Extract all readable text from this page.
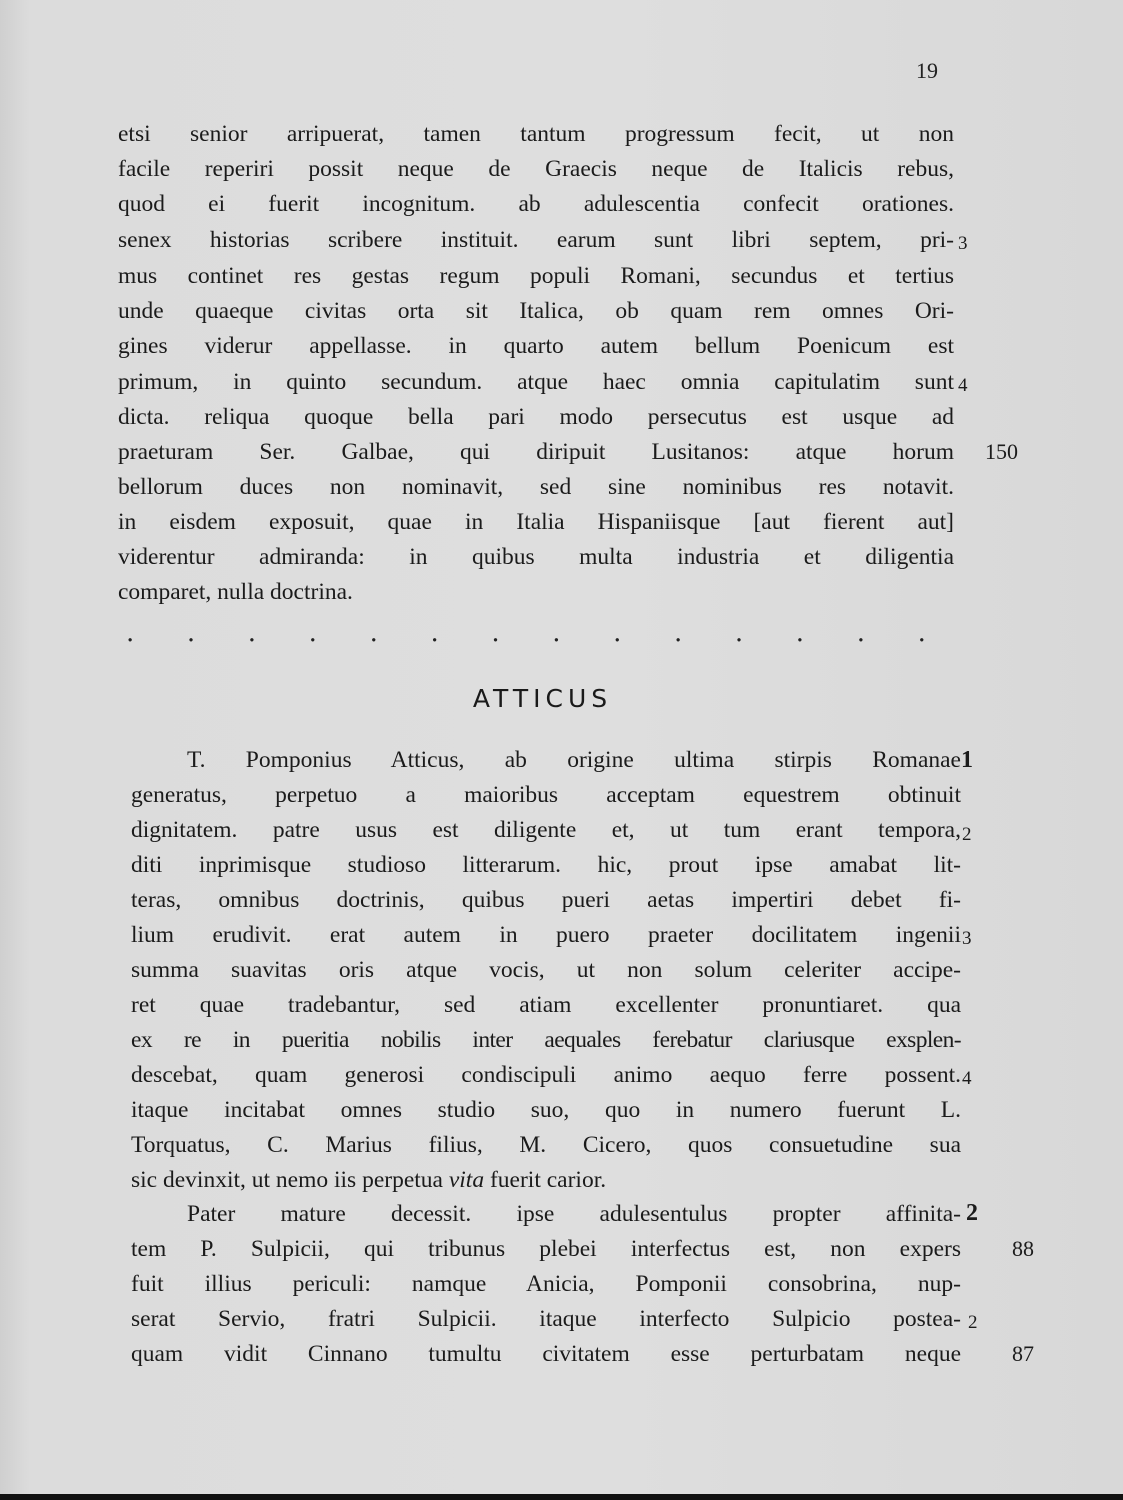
19
etsi senior arripuerat, tamen tantum progressum fecit, ut non
facile reperiri possit neque de Graecis neque de Italicis rebus,
quod ei fuerit incognitum. ab adulescentia confecit orationes.
senex historias scribere instituit. earum sunt libri septem, pri-
mus continet res gestas regum populi Romani, secundus et tertius
unde quaeque civitas orta sit Italica, ob quam rem omnes Ori-
gines viderur appellasse. in quarto autem bellum Poenicum est
primum, in quinto secundum. atque haec omnia capitulatim sunt
dicta. reliqua quoque bella pari modo persecutus est usque ad
praeturam Ser. Galbae, qui diripuit Lusitanos: atque horum
bellorum duces non nominavit, sed sine nominibus res notavit.
in eisdem exposuit, quae in Italia Hispaniisque [aut fierent aut]
viderentur admiranda: in quibus multa industria et diligentia
comparet, nulla doctrina.
3
4
150
. . . . . . . . . . . . . .
ATTICUS
T. Pomponius Atticus, ab origine ultima stirpis Romanae
generatus, perpetuo a maioribus acceptam equestrem obtinuit
dignitatem. patre usus est diligente et, ut tum erant tempora,
diti inprimisque studioso litterarum. hic, prout ipse amabat lit-
teras, omnibus doctrinis, quibus pueri aetas impertiri debet fi-
lium erudivit. erat autem in puero praeter docilitatem ingenii
summa suavitas oris atque vocis, ut non solum celeriter accipe-
ret quae tradebantur, sed atiam excellenter pronuntiaret. qua
ex re in pueritia nobilis inter aequales ferebatur clariusque exsplen-
descebat, quam generosi condiscipuli animo aequo ferre possent.
itaque incitabat omnes studio suo, quo in numero fuerunt L.
Torquatus, C. Marius filius, M. Cicero, quos consuetudine sua
sic devinxit, ut nemo iis perpetua vita fuerit carior.
1
2
3
4
Pater mature decessit. ipse adulesentulus propter affinita-
tem P. Sulpicii, qui tribunus plebei interfectus est, non expers
fuit illius periculi: namque Anicia, Pomponii consobrina, nup-
serat Servio, fratri Sulpicii. itaque interfecto Sulpicio postea-
quam vidit Cinnano tumultu civitatem esse perturbatam neque
2
88
2
87
